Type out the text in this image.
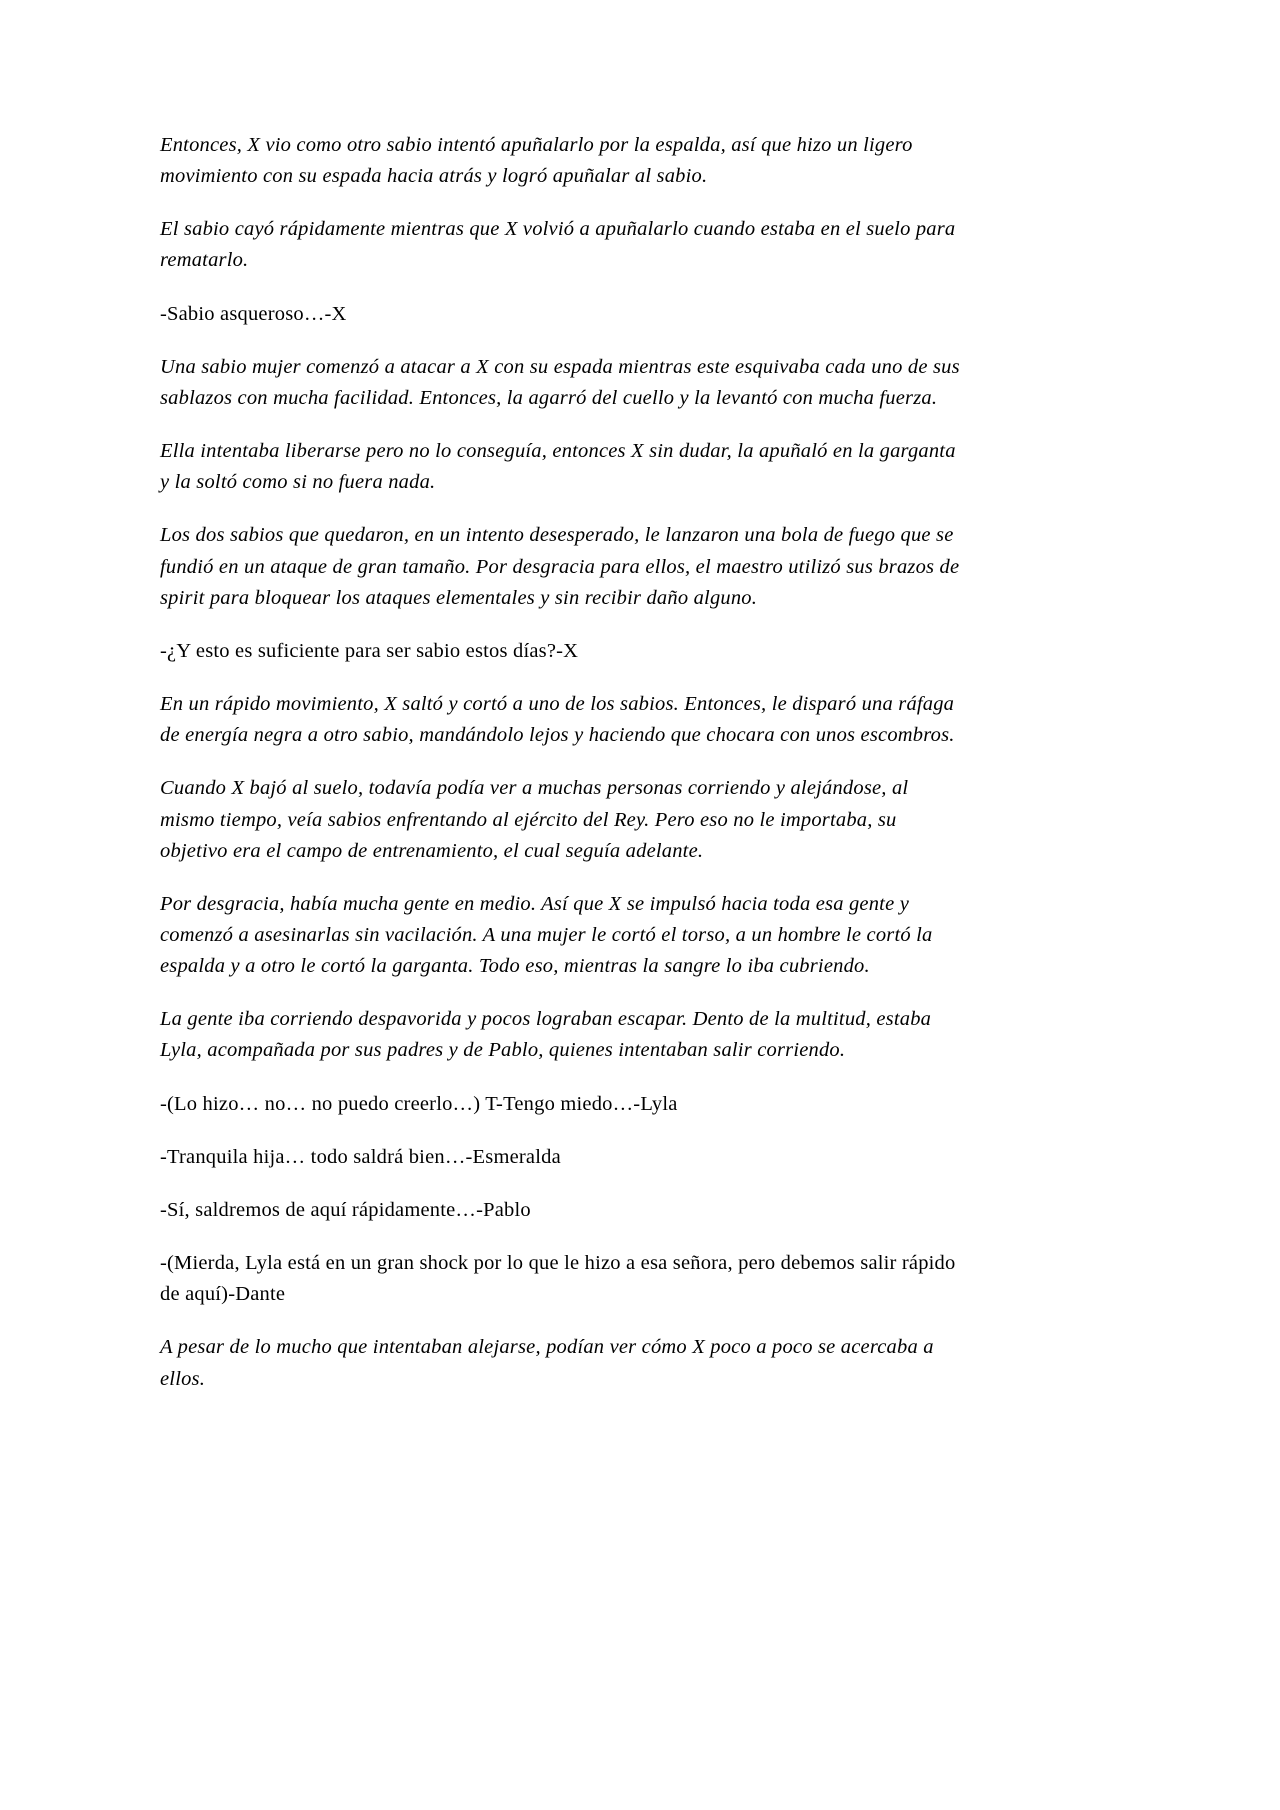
Entonces, X vio como otro sabio intentó apuñalarlo por la espalda, así que hizo un ligero movimiento con su espada hacia atrás y logró apuñalar al sabio.

El sabio cayó rápidamente mientras que X volvió a apuñalarlo cuando estaba en el suelo para rematarlo.

-Sabio asqueroso…-X

Una sabio mujer comenzó a atacar a X con su espada mientras este esquivaba cada uno de sus sablazos con mucha facilidad. Entonces, la agarró del cuello y la levantó con mucha fuerza.

Ella intentaba liberarse pero no lo conseguía, entonces X sin dudar, la apuñaló en la garganta y la soltó como si no fuera nada.

Los dos sabios que quedaron, en un intento desesperado, le lanzaron una bola de fuego que se fundió en un ataque de gran tamaño. Por desgracia para ellos, el maestro utilizó sus brazos de spirit para bloquear los ataques elementales y sin recibir daño alguno.

-¿Y esto es suficiente para ser sabio estos días?-X

En un rápido movimiento, X saltó y cortó a uno de los sabios. Entonces, le disparó una ráfaga de energía negra a otro sabio, mandándolo lejos y haciendo que chocara con unos escombros.

Cuando X bajó al suelo, todavía podía ver a muchas personas corriendo y alejándose, al mismo tiempo, veía sabios enfrentando al ejército del Rey. Pero eso no le importaba, su objetivo era el campo de entrenamiento, el cual seguía adelante.

Por desgracia, había mucha gente en medio. Así que X se impulsó hacia toda esa gente y comenzó a asesinarlas sin vacilación. A una mujer le cortó el torso, a un hombre le cortó la espalda y a otro le cortó la garganta. Todo eso, mientras la sangre lo iba cubriendo.

La gente iba corriendo despavorida y pocos lograban escapar. Dento de la multitud, estaba Lyla, acompañada por sus padres y de Pablo, quienes intentaban salir corriendo.

-(Lo hizo… no… no puedo creerlo…) T-Tengo miedo…-Lyla

-Tranquila hija… todo saldrá bien…-Esmeralda

-Sí, saldremos de aquí rápidamente…-Pablo

-(Mierda, Lyla está en un gran shock por lo que le hizo a esa señora, pero debemos salir rápido de aquí)-Dante

A pesar de lo mucho que intentaban alejarse, podían ver cómo X poco a poco se acercaba a ellos.
